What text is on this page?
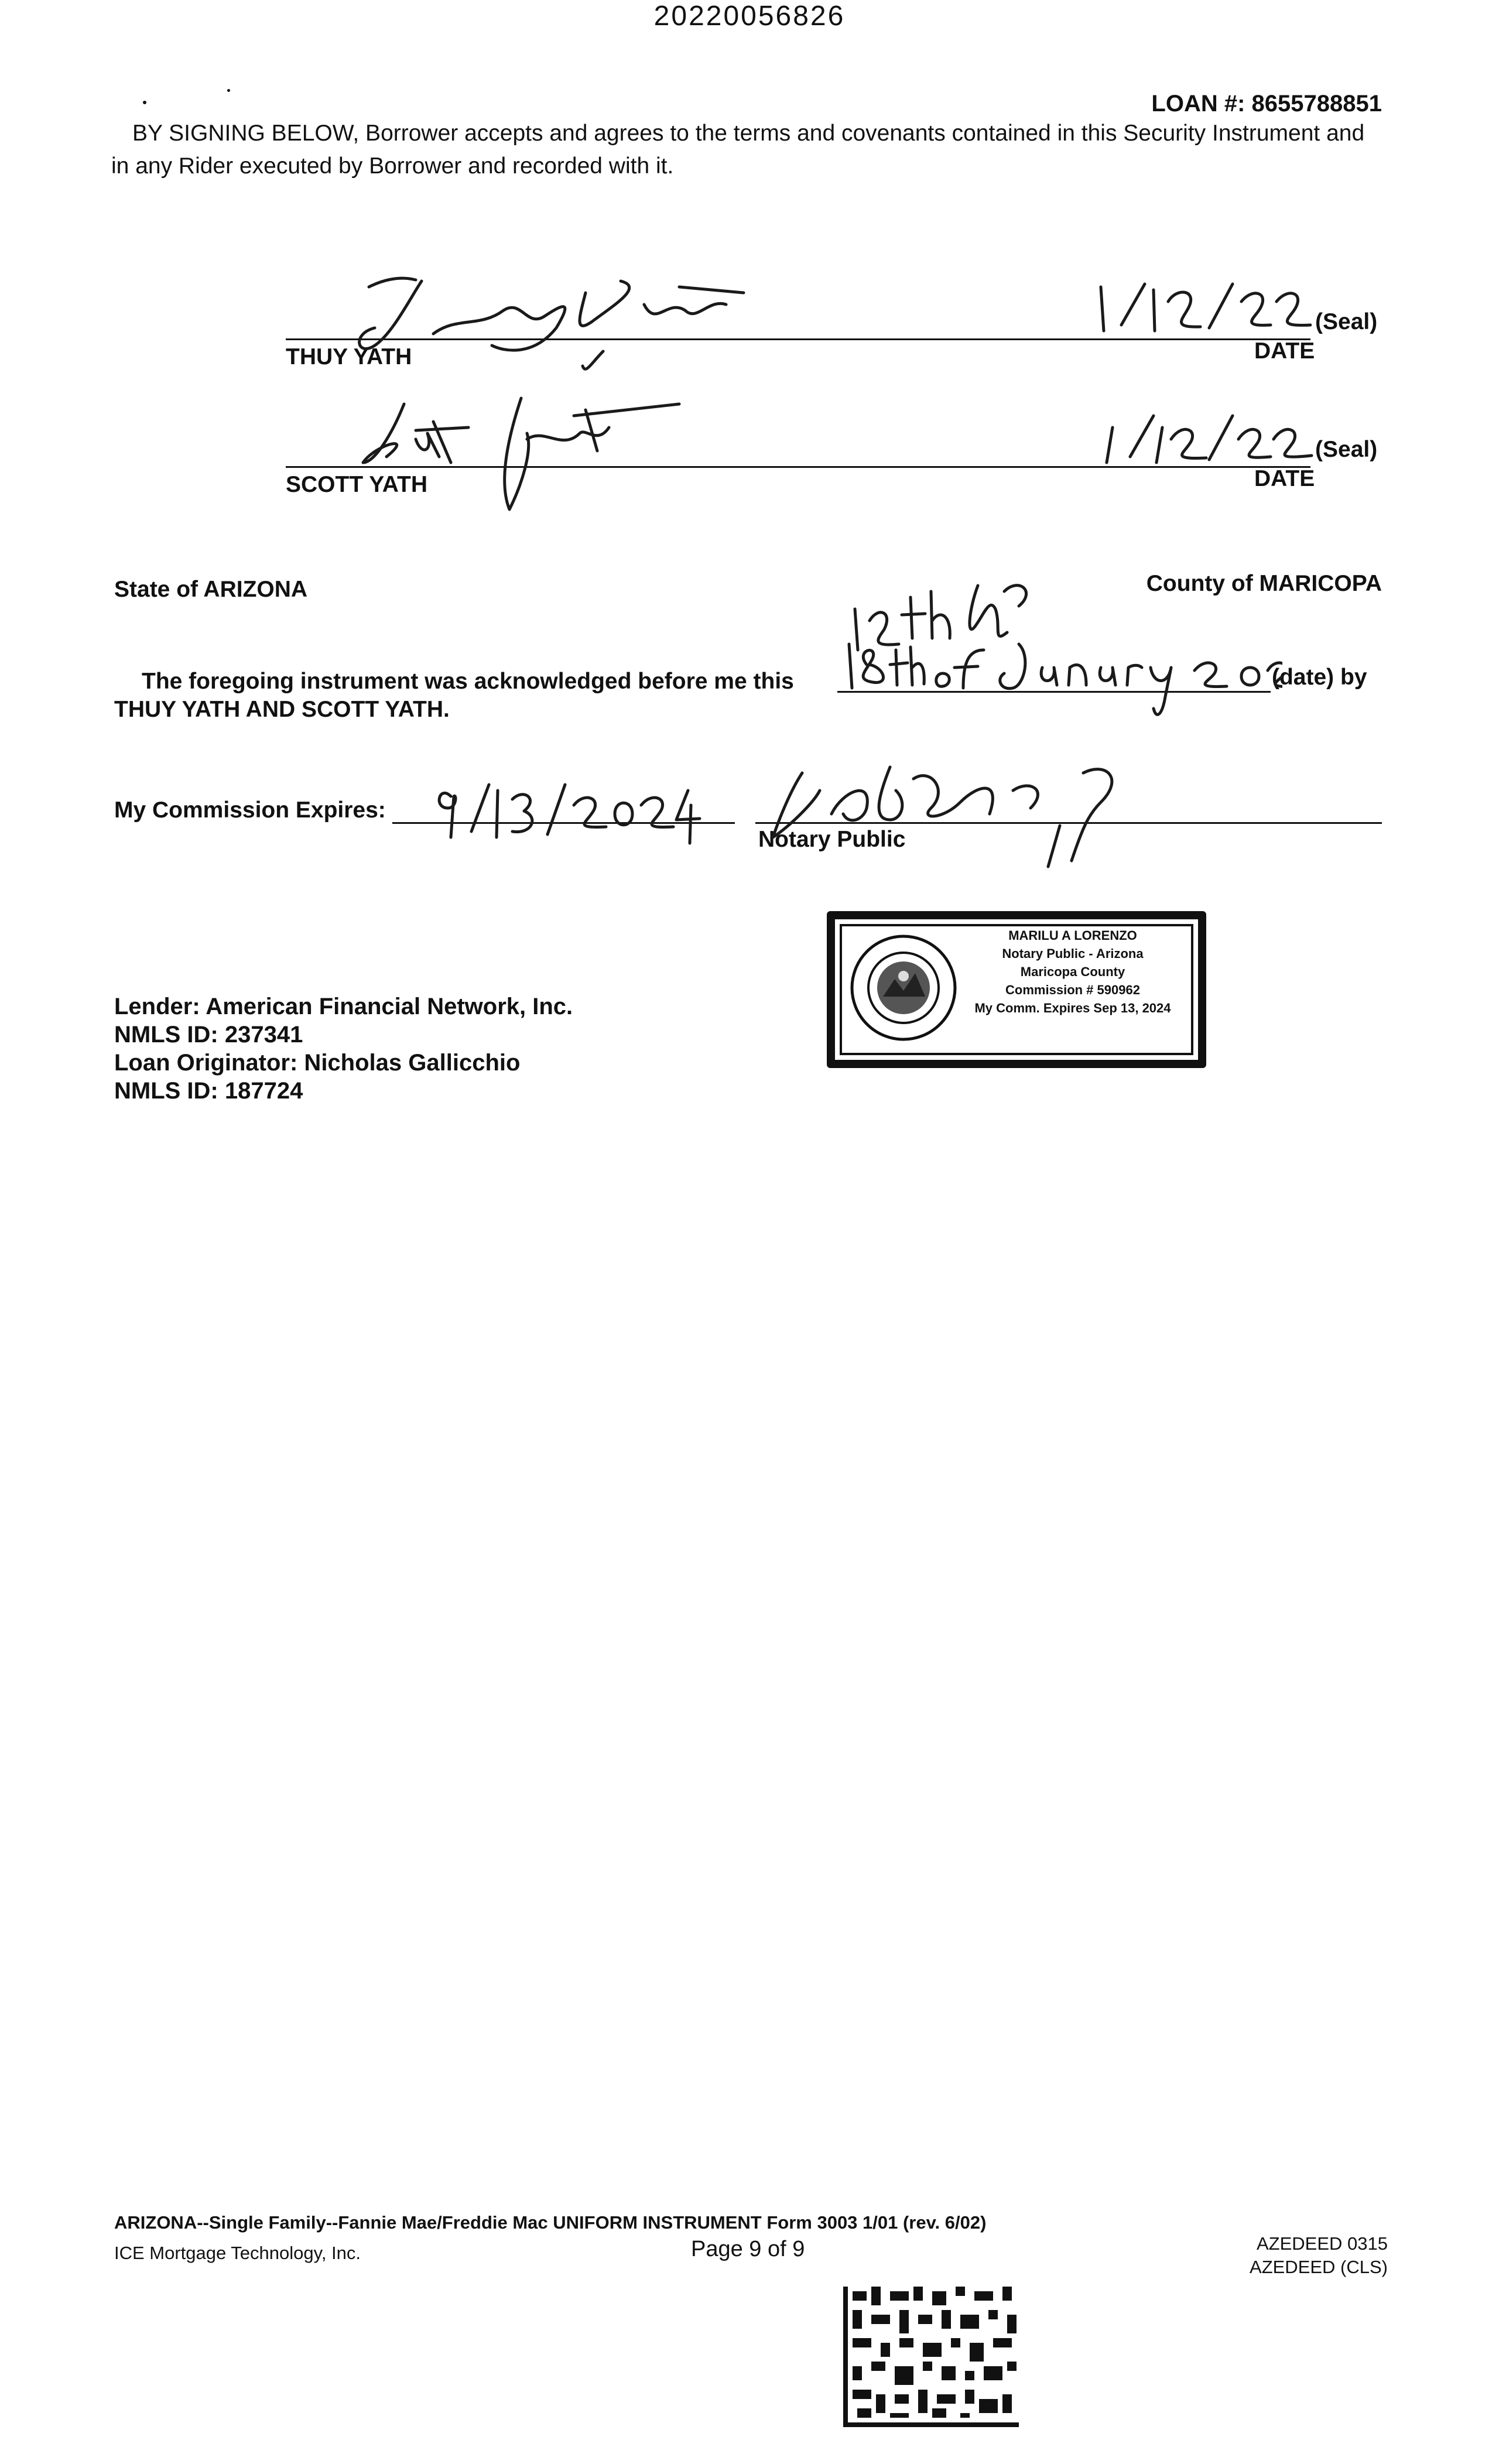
20220056826
LOAN #: 8655788851
BY SIGNING BELOW, Borrower accepts and agrees to the terms and covenants contained in this Security Instrument and in any Rider executed by Borrower and recorded with it.
THUY YATH	DATE
(Seal)
SCOTT YATH	DATE
(Seal)
State of ARIZONA	County of MARICOPA
The foregoing instrument was acknowledged before me this	(date) by
THUY YATH AND SCOTT YATH.
My Commission Expires:
Notary Public
MARILU A LORENZO
Notary Public - Arizona
Maricopa County
Commission # 590962
My Comm. Expires Sep 13, 2024
Lender: American Financial Network, Inc.
NMLS ID: 237341
Loan Originator: Nicholas Gallicchio
NMLS ID: 187724
ARIZONA--Single Family--Fannie Mae/Freddie Mac UNIFORM INSTRUMENT Form 3003 1/01 (rev. 6/02)
ICE Mortgage Technology, Inc.	Page 9 of 9	AZEDEED 0315
AZEDEED (CLS)
